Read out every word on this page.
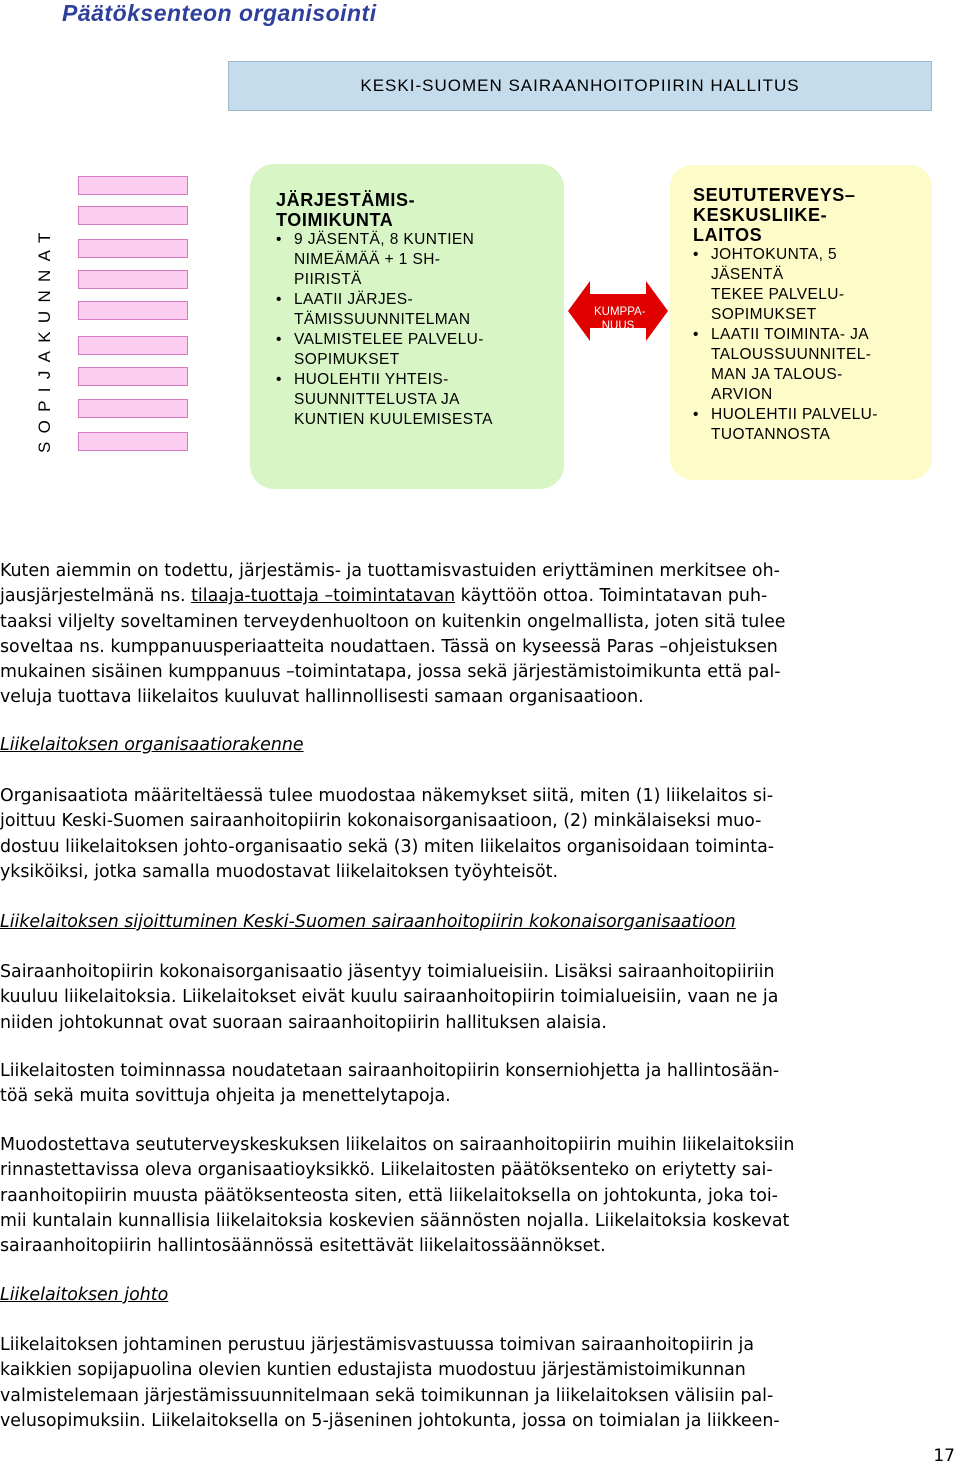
Päätöksenteon organisointi
KESKI-SUOMEN SAIRAANHOITOPIIRIN HALLITUS
SOPIJAKUNNAT
JÄRJESTÄMIS-
TOIMIKUNTA
• 9 JÄSENTÄ, 8 KUNTIEN
NIMEÄMÄÄ + 1 SH-
PIIRISTÄ
• LAATII JÄRJES-
TÄMISSUUNNITELMAN
• VALMISTELEE PALVELU-
SOPIMUKSET
• HUOLEHTII YHTEIS-
SUUNNITTELUSTA JA
KUNTIEN KUULEMISESTA
KUMPPA-
NUUS
SEUTUTERVEYS–
KESKUSLIIKE-
LAITOS
• JOHTOKUNTA, 5
JÄSENTÄ
TEKEE PALVELU-
SOPIMUKSET
• LAATII TOIMINTA- JA
TALOUSSUUNNITEL-
MAN JA TALOUS-
ARVION
• HUOLEHTII PALVELU-
TUOTANNOSTA

Kuten aiemmin on todettu, järjestämis- ja tuottamisvastuiden eriyttäminen merkitsee oh-

jausjärjestelmänä ns. tilaaja-tuottaja –toimintatavan käyttöön ottoa. Toimintatavan puh-

taaksi viljelty soveltaminen terveydenhuoltoon on kuitenkin ongelmallista, joten sitä tulee

soveltaa ns. kumppanuusperiaatteita noudattaen. Tässä on kyseessä Paras –ohjeistuksen

mukainen sisäinen kumppanuus –toimintatapa, jossa sekä järjestämistoimikunta että pal-

veluja tuottava liikelaitos kuuluvat hallinnollisesti samaan organisaatioon.

Liikelaitoksen organisaatiorakenne

Organisaatiota määriteltäessä tulee muodostaa näkemykset siitä, miten (1) liikelaitos si-

joittuu Keski-Suomen sairaanhoitopiirin kokonaisorganisaatioon, (2) minkälaiseksi muo-

dostuu liikelaitoksen johto-organisaatio sekä (3) miten liikelaitos organisoidaan toiminta-

yksiköiksi, jotka samalla muodostavat liikelaitoksen työyhteisöt.

Liikelaitoksen sijoittuminen Keski-Suomen sairaanhoitopiirin kokonaisorganisaatioon

Sairaanhoitopiirin kokonaisorganisaatio jäsentyy toimialueisiin. Lisäksi sairaanhoitopiiriin

kuuluu liikelaitoksia. Liikelaitokset eivät kuulu sairaanhoitopiirin toimialueisiin, vaan ne ja

niiden johtokunnat ovat suoraan sairaanhoitopiirin hallituksen alaisia.

Liikelaitosten toiminnassa noudatetaan sairaanhoitopiirin konserniohjetta ja hallintosään-

töä sekä muita sovittuja ohjeita ja menettelytapoja.

Muodostettava seututerveyskeskuksen liikelaitos on sairaanhoitopiirin muihin liikelaitoksiin

rinnastettavissa oleva organisaatioyksikkö. Liikelaitosten päätöksenteko on eriytetty sai-

raanhoitopiirin muusta päätöksenteosta siten, että liikelaitoksella on johtokunta, joka toi-

mii kuntalain kunnallisia liikelaitoksia koskevien säännösten nojalla. Liikelaitoksia koskevat

sairaanhoitopiirin hallintosäännössä esitettävät liikelaitossäännökset.

Liikelaitoksen johto

Liikelaitoksen johtaminen perustuu järjestämisvastuussa toimivan sairaanhoitopiirin ja

kaikkien sopijapuolina olevien kuntien edustajista muodostuu järjestämistoimikunnan

valmistelemaan järjestämissuunnitelmaan sekä toimikunnan ja liikelaitoksen välisiin pal-

velusopimuksiin. Liikelaitoksella on 5-jäseninen johtokunta, jossa on toimialan ja liikkeen-

17
